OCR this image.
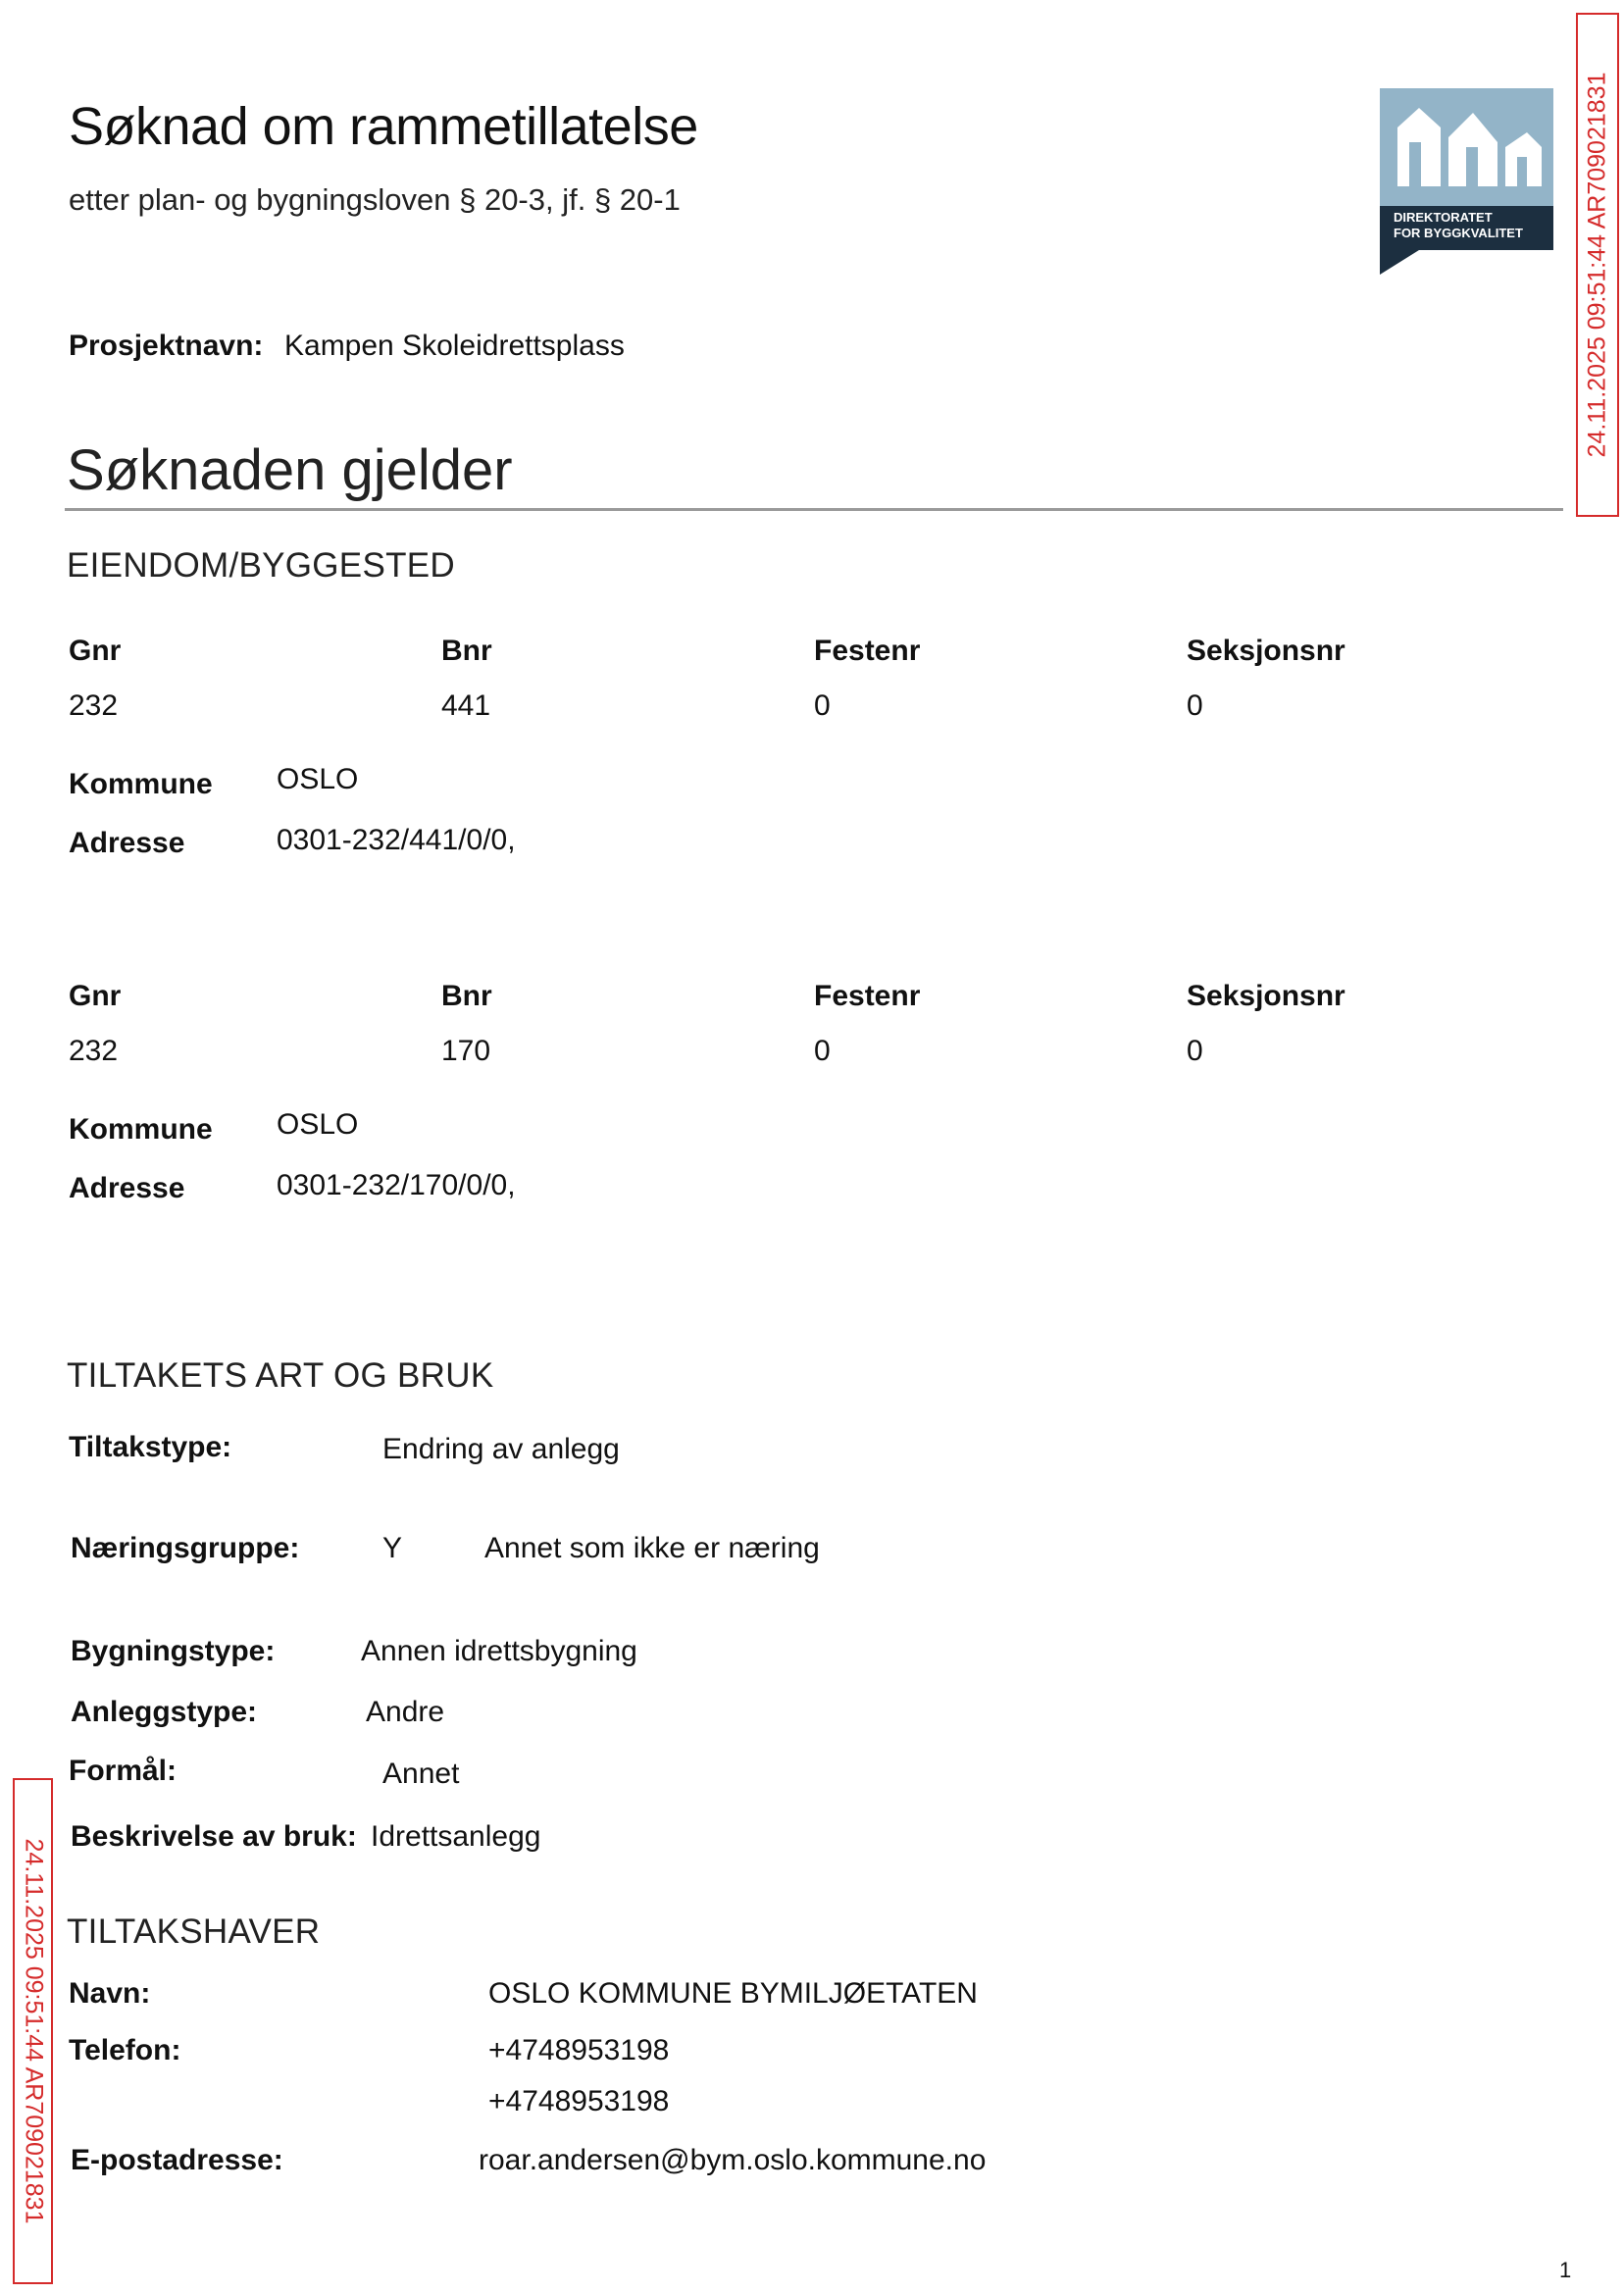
Søknad om rammetillatelse
etter plan- og bygningsloven § 20-3, jf. § 20-1
DIREKTORATET
FOR BYGGKVALITET 24.11.2025 09:51:44 AR709021831
24.11.2025 09:51:44 AR709021831
Prosjektnavn: Kampen Skoleidrettsplass
Søknaden gjelder
EIENDOM/BYGGESTED
Gnr	Bnr	Festenr	Seksjonsnr
232	441	0	0
Kommune OSLO
Adresse	0301-232/441/0/0,
Gnr	Bnr	Festenr	Seksjonsnr
232	170	0	0
Kommune OSLO
Adresse	0301-232/170/0/0,
TILTAKETS ART OG BRUK
Tiltakstype:	Endring av anlegg
Næringsgruppe:	Y	Annet som ikke er næring
Bygningstype:	Annen idrettsbygning
Anleggstype:	Andre
Formål:	Annet
Beskrivelse av bruk: Idrettsanlegg
TILTAKSHAVER
Navn:	OSLO KOMMUNE BYMILJØETATEN
Telefon:	+4748953198
+4748953198
E-postadresse:	roar.andersen@bym.oslo.kommune.no
1
